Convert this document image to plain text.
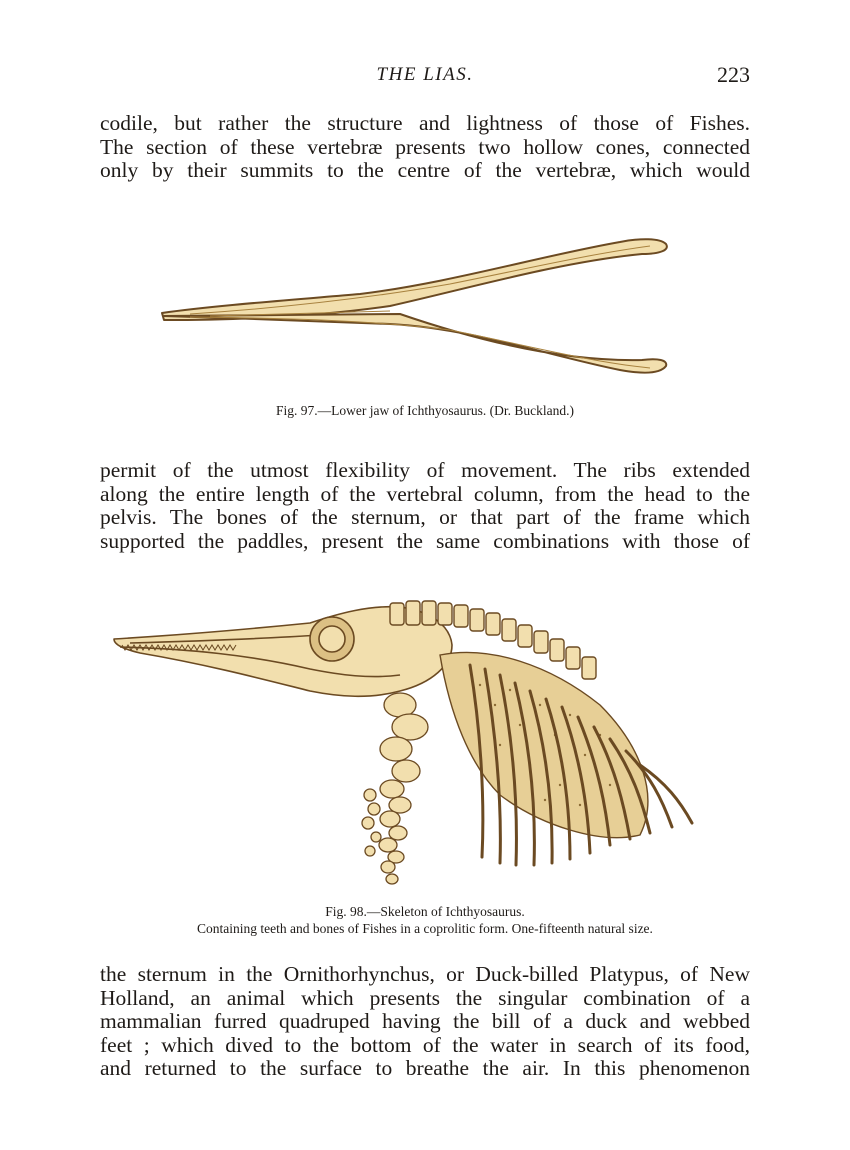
THE LIAS.	223

codile, but rather the structure and lightness of those of Fishes.
The section of these vertebræ presents two hollow cones, connected
only by their summits to the centre of the vertebræ, which would

Fig. 97.—Lower jaw of Ichthyosaurus. (Dr. Buckland.)

permit of the utmost flexibility of movement. The ribs extended
along the entire length of the vertebral column, from the head to the
pelvis. The bones of the sternum, or that part of the frame which
supported the paddles, present the same combinations with those of

Fig. 98.—Skeleton of Ichthyosaurus.
Containing teeth and bones of Fishes in a coprolitic form. One-fifteenth natural size.

the sternum in the Ornithorhynchus, or Duck-billed Platypus, of New
Holland, an animal which presents the singular combination of a
mammalian furred quadruped having the bill of a duck and webbed
feet ; which dived to the bottom of the water in search of its food,
and returned to the surface to breathe the air. In this phenomenon
